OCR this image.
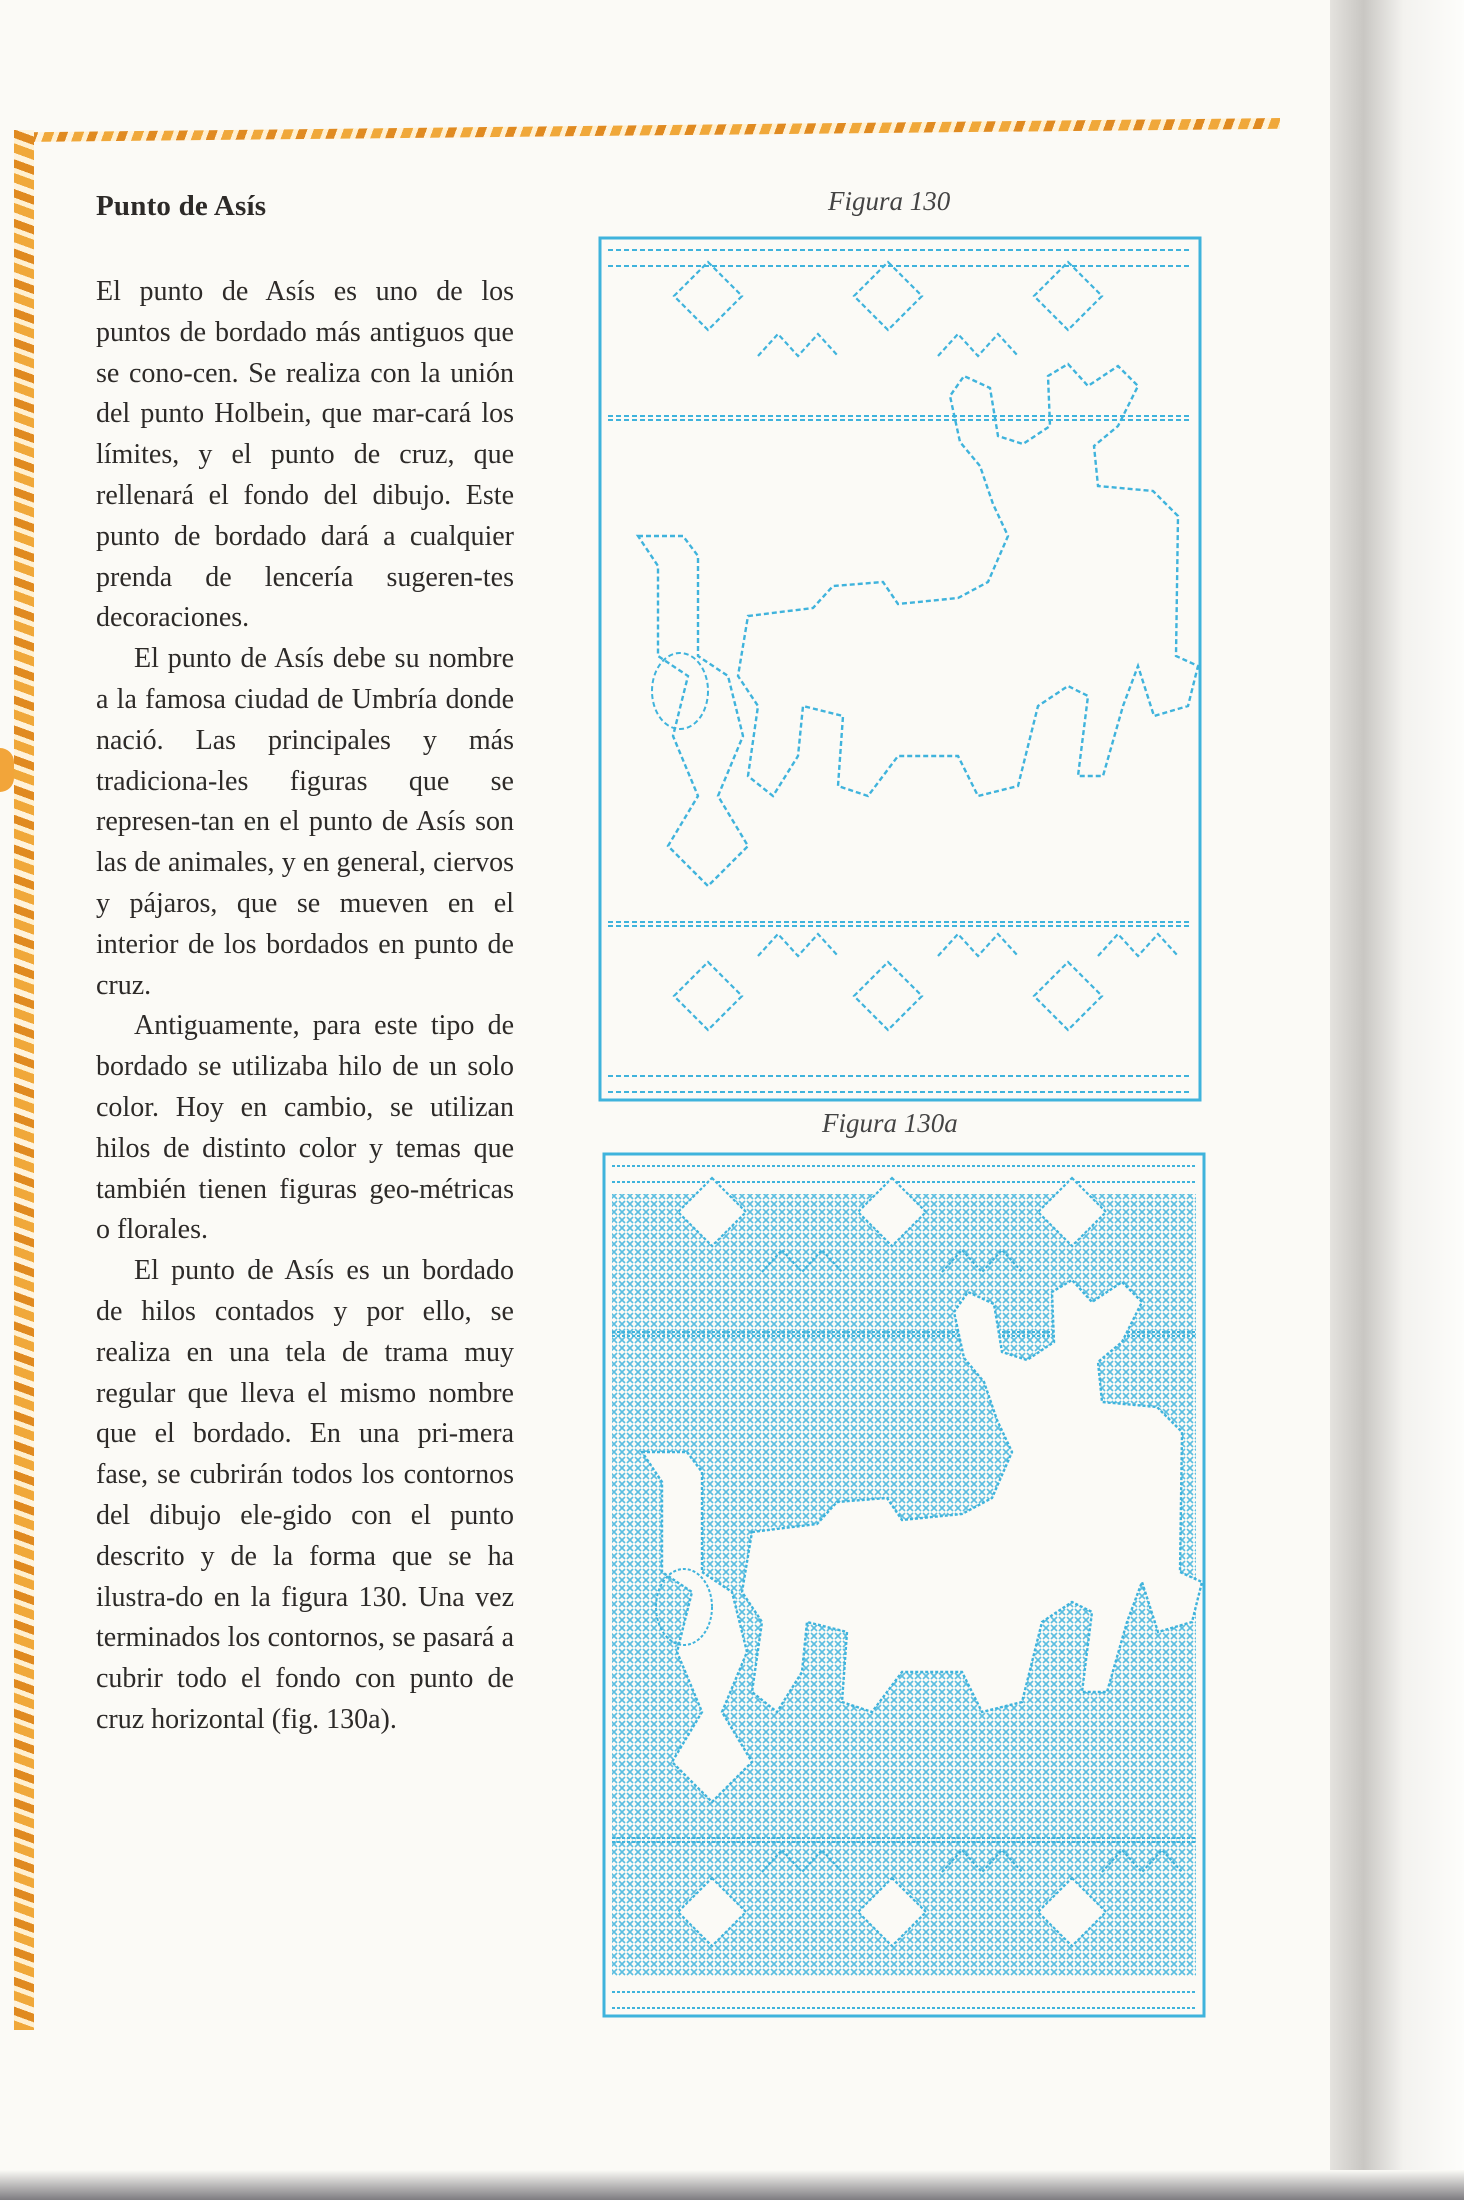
Punto de Asís

El punto de Asís es uno de los puntos de bordado más antiguos que se cono-cen. Se realiza con la unión del punto Holbein, que mar-cará los límites, y el punto de cruz, que rellenará el fondo del dibujo. Este punto de bordado dará a cualquier prenda de lencería sugeren-tes decoraciones.

El punto de Asís debe su nombre a la famosa ciudad de Umbría donde nació. Las principales y más tradiciona-les figuras que se represen-tan en el punto de Asís son las de animales, y en general, ciervos y pájaros, que se mueven en el interior de los bordados en punto de cruz.

Antiguamente, para este tipo de bordado se utilizaba hilo de un solo color. Hoy en cambio, se utilizan hilos de distinto color y temas que también tienen figuras geo-métricas o florales.

El punto de Asís es un bordado de hilos contados y por ello, se realiza en una tela de trama muy regular que lleva el mismo nombre que el bordado. En una pri-mera fase, se cubrirán todos los contornos del dibujo ele-gido con el punto descrito y de la forma que se ha ilustra-do en la figura 130. Una vez terminados los contornos, se pasará a cubrir todo el fondo con punto de cruz horizontal (fig. 130a).

Figura 130
Figura 130a
